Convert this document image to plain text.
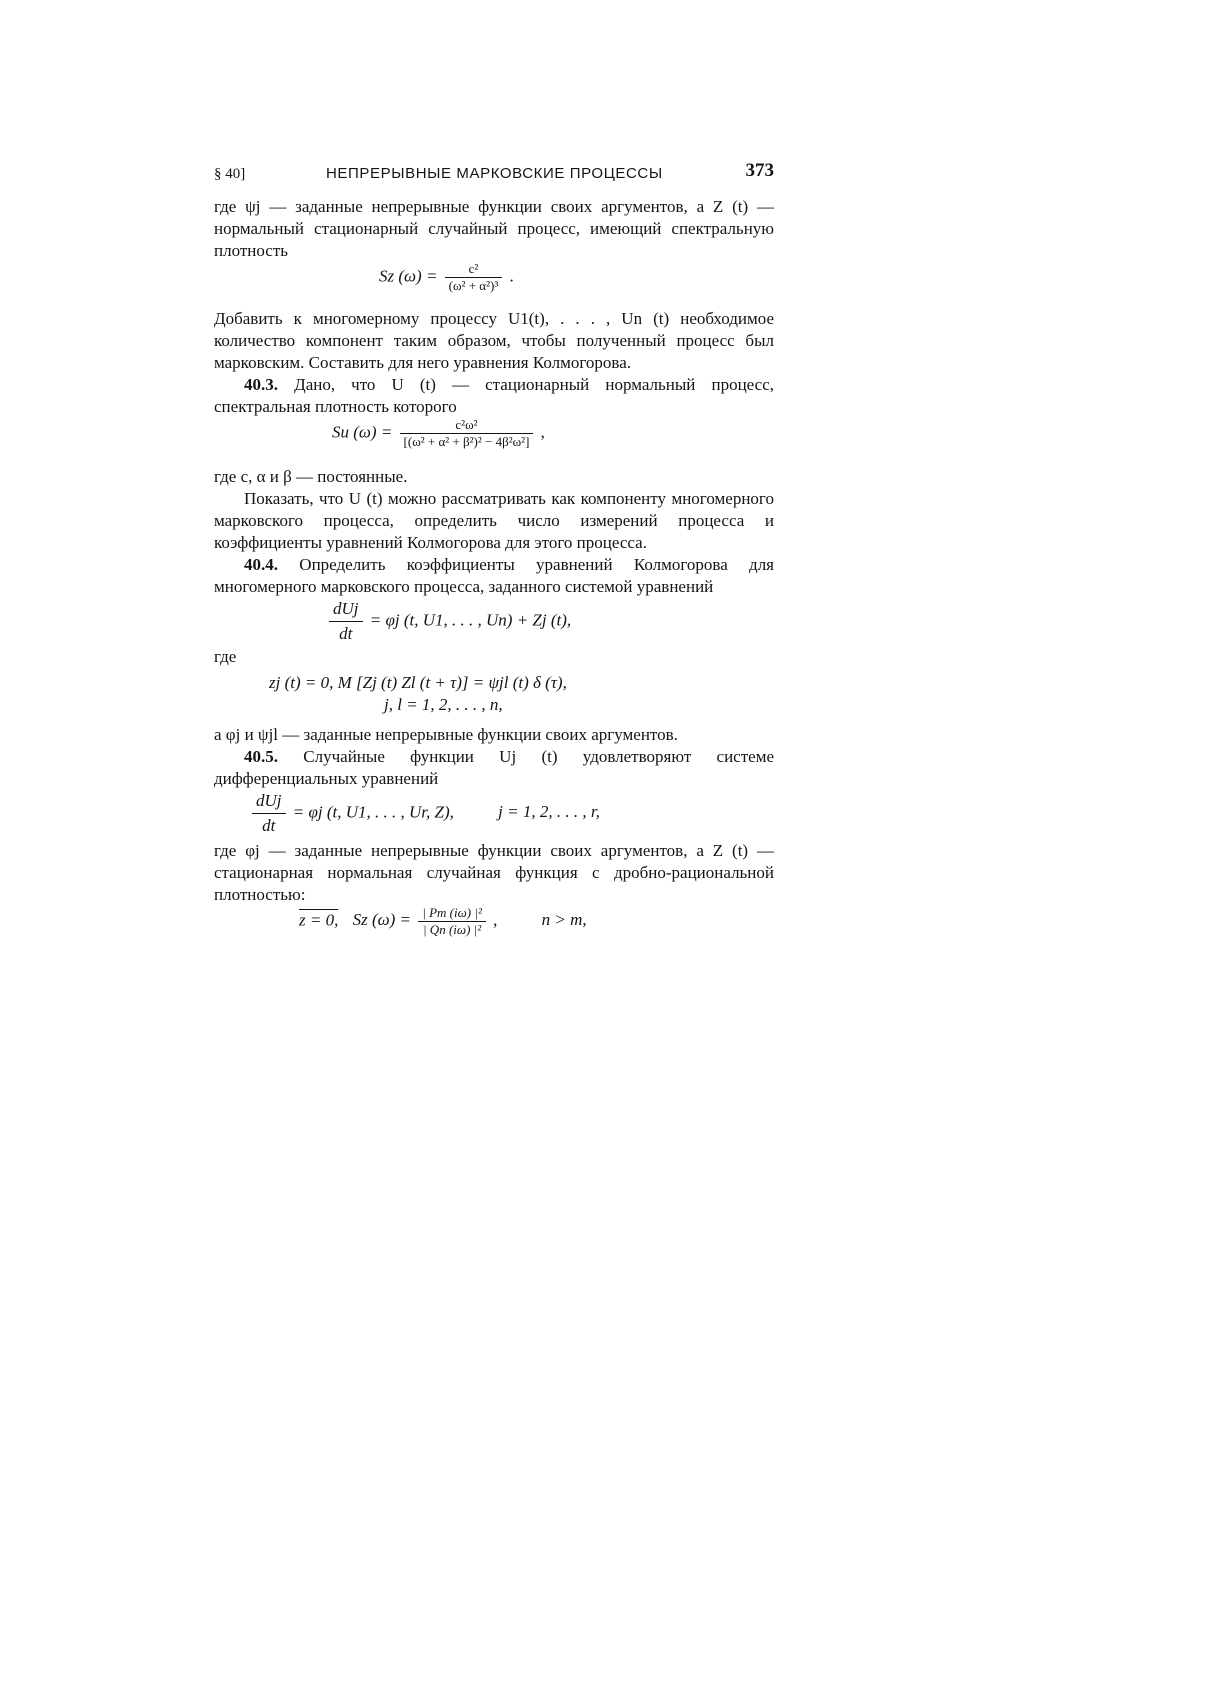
§ 40]	НЕПРЕРЫВНЫЕ МАРКОВСКИЕ ПРОЦЕССЫ	373

где ψj — заданные непрерывные функции своих аргументов, а Z (t) — нормальный стационарный случайный процесс, имеющий спектральную плотность

Sz $(\omega) = \frac{\text{c²}}{\text{(ω² + α²)³}}$ .

Добавить к многомерному процессу U1(t), . . . , Un (t) необходимое количество компонент таким образом, чтобы полученный процесс был марковским. Составить для него уравнения Колмогорова.

40.3. Дано, что U (t) — стационарный нормальный процесс, спектральная плотность которого

Su $(\omega) = \frac{\text{c²ω²}}{\text{[(ω² + α² + β²)² − 4β²ω²]}}$ ,

где c, α и β — постоянные.

Показать, что U (t) можно рассматривать как компоненту многомерного марковского процесса, определить число измерений процесса и коэффициенты уравнений Колмогорова для этого процесса.

40.4. Определить коэффициенты уравнений Колмогорова для многомерного марковского процесса, заданного системой уравнений

$\frac{\text{dUj}}{dt} = \varphi j$ (t, U1, . . . , Un) + Zj (t),

где

zj (t) = 0, M [Zj (t) Zl (t + τ)] = ψjl (t) δ (τ),
j, l = 1, 2, . . . , n,

а φj и ψjl — заданные непрерывные функции своих аргументов.

40.5. Случайные функции Uj (t) удовлетворяют системе дифференциальных уравнений

$\frac{\text{dUj}}{dt} = \varphi j$ (t, U1, . . . , Ur, Z),	j = 1, 2, . . . , r,

где φj — заданные непрерывные функции своих аргументов, а Z (t) — стационарная нормальная случайная функция с дробно-рациональной плотностью:

z = 0, Sz $(\omega) = \frac{\text{| Pm (iω) |²}}{\text{| Qn (iω) |²}}$ ,	n > m,
